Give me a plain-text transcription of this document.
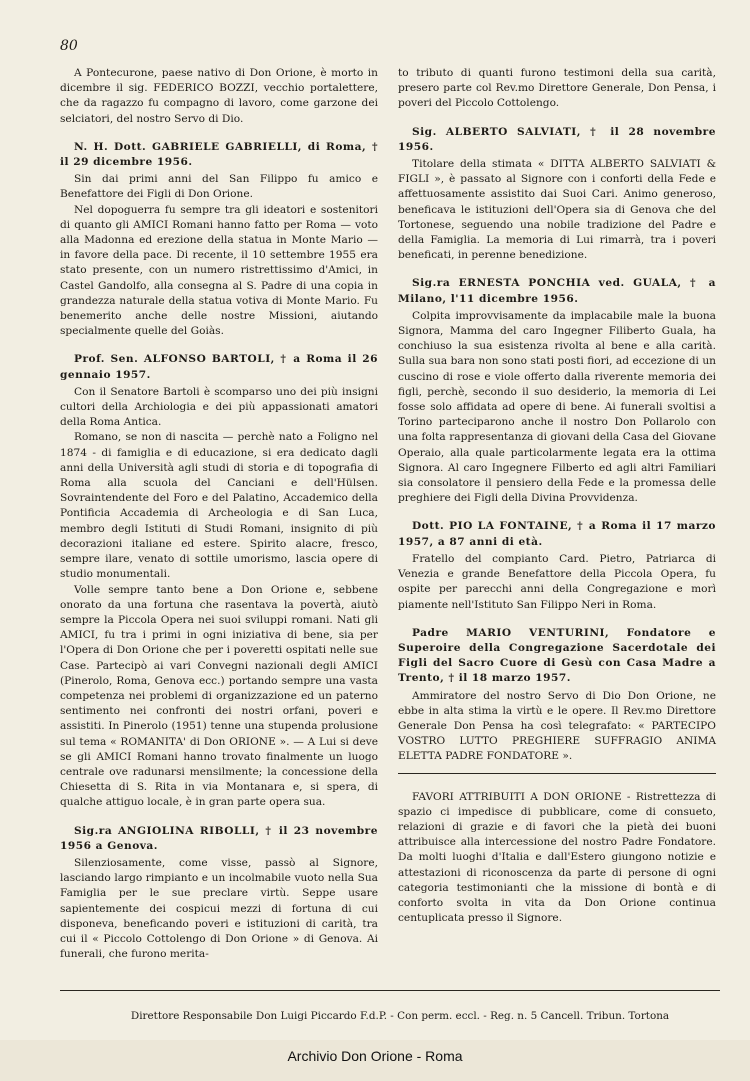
80

A Pontecurone, paese nativo di Don Orione, è morto in dicembre il sig. FEDERICO BOZZI, vecchio portalettere, che da ragazzo fu compagno di lavoro, come garzone dei selciatori, del nostro Servo di Dio.

N. H. Dott. GABRIELE GABRIELLI, di Roma, † il 29 dicembre 1956.

Sin dai primi anni del San Filippo fu amico e Benefattore dei Figli di Don Orione.

Nel dopoguerra fu sempre tra gli ideatori e sostenitori di quanto gli AMICI Romani hanno fatto per Roma — voto alla Madonna ed erezione della statua in Monte Mario — in favore della pace. Di recente, il 10 settembre 1955 era stato presente, con un numero ristrettissimo d'Amici, in Castel Gandolfo, alla consegna al S. Padre di una copia in grandezza naturale della statua votiva di Monte Mario. Fu benemerito anche delle nostre Missioni, aiutando specialmente quelle del Goiàs.

Prof. Sen. ALFONSO BARTOLI, † a Roma il 26 gennaio 1957.

Con il Senatore Bartoli è scomparso uno dei più insigni cultori della Archiologia e dei più appassionati amatori della Roma Antica.

Romano, se non di nascita — perchè nato a Foligno nel 1874 - di famiglia e di educazione, si era dedicato dagli anni della Università agli studi di storia e di topografia di Roma alla scuola del Canciani e dell'Hülsen. Sovraintendente del Foro e del Palatino, Accademico della Pontificia Accademia di Archeologia e di San Luca, membro degli Istituti di Studi Romani, insignito di più decorazioni italiane ed estere. Spirito alacre, fresco, sempre ilare, venato di sottile umorismo, lascia opere di studio monumentali.

Volle sempre tanto bene a Don Orione e, sebbene onorato da una fortuna che rasentava la povertà, aiutò sempre la Piccola Opera nei suoi sviluppi romani. Nati gli AMICI, fu tra i primi in ogni iniziativa di bene, sia per l'Opera di Don Orione che per i poveretti ospitati nelle sue Case. Partecipò ai vari Convegni nazionali degli AMICI (Pinerolo, Roma, Genova ecc.) portando sempre una vasta competenza nei problemi di organizzazione ed un paterno sentimento nei confronti dei nostri orfani, poveri e assistiti. In Pinerolo (1951) tenne una stupenda prolusione sul tema « ROMANITA' di Don ORIONE ». — A Lui si deve se gli AMICI Romani hanno trovato finalmente un luogo centrale ove radunarsi mensilmente; la concessione della Chiesetta di S. Rita in via Montanara e, si spera, di qualche attiguo locale, è in gran parte opera sua.

Sig.ra ANGIOLINA RIBOLLI, † il 23 novembre 1956 a Genova.

Silenziosamente, come visse, passò al Signore, lasciando largo rimpianto e un incolmabile vuoto nella Sua Famiglia per le sue preclare virtù. Seppe usare sapientemente dei cospicui mezzi di fortuna di cui disponeva, beneficando poveri e istituzioni di carità, tra cui il « Piccolo Cottolengo di Don Orione » di Genova. Ai funerali, che furono merita-

to tributo di quanti furono testimoni della sua carità, presero parte col Rev.mo Direttore Generale, Don Pensa, i poveri del Piccolo Cottolengo.

Sig. ALBERTO SALVIATI, † il 28 novembre 1956.

Titolare della stimata « DITTA ALBERTO SALVIATI & FIGLI », è passato al Signore con i conforti della Fede e affettuosamente assistito dai Suoi Cari. Animo generoso, beneficava le istituzioni dell'Opera sia di Genova che del Tortonese, seguendo una nobile tradizione del Padre e della Famiglia. La memoria di Lui rimarrà, tra i poveri beneficati, in perenne benedizione.

Sig.ra ERNESTA PONCHIA ved. GUALA, † a Milano, l'11 dicembre 1956.

Colpita improvvisamente da implacabile male la buona Signora, Mamma del caro Ingegner Filiberto Guala, ha conchiuso la sua esistenza rivolta al bene e alla carità. Sulla sua bara non sono stati posti fiori, ad eccezione di un cuscino di rose e viole offerto dalla riverente memoria dei figli, perchè, secondo il suo desiderio, la memoria di Lei fosse solo affidata ad opere di bene. Ai funerali svoltisi a Torino parteciparono anche il nostro Don Pollarolo con una folta rappresentanza di giovani della Casa del Giovane Operaio, alla quale particolarmente legata era la ottima Signora. Al caro Ingegnere Filberto ed agli altri Familiari sia consolatore il pensiero della Fede e la promessa delle preghiere dei Figli della Divina Provvidenza.

Dott. PIO LA FONTAINE, † a Roma il 17 marzo 1957, a 87 anni di età.

Fratello del compianto Card. Pietro, Patriarca di Venezia e grande Benefattore della Piccola Opera, fu ospite per parecchi anni della Congregazione e morì piamente nell'Istituto San Filippo Neri in Roma.

Padre MARIO VENTURINI, Fondatore e Superoire della Congregazione Sacerdotale dei Figli del Sacro Cuore di Gesù con Casa Madre a Trento, † il 18 marzo 1957.

Ammiratore del nostro Servo di Dio Don Orione, ne ebbe in alta stima la virtù e le opere. Il Rev.mo Direttore Generale Don Pensa ha così telegrafato: « PARTECIPO VOSTRO LUTTO PREGHIERE SUFFRAGIO ANIMA ELETTA PADRE FONDATORE ».

FAVORI ATTRIBUITI A DON ORIONE - Ristrettezza di spazio ci impedisce di pubblicare, come di consueto, relazioni di grazie e di favori che la pietà dei buoni attribuisce alla intercessione del nostro Padre Fondatore. Da molti luoghi d'Italia e dall'Estero giungono notizie e attestazioni di riconoscenza da parte di persone di ogni categoria testimonianti che la missione di bontà e di conforto svolta in vita da Don Orione continua centuplicata presso il Signore.

Direttore Responsabile Don Luigi Piccardo F.d.P. - Con perm. eccl. - Reg. n. 5 Cancell. Tribun. Tortona
Archivio Don Orione - Roma
